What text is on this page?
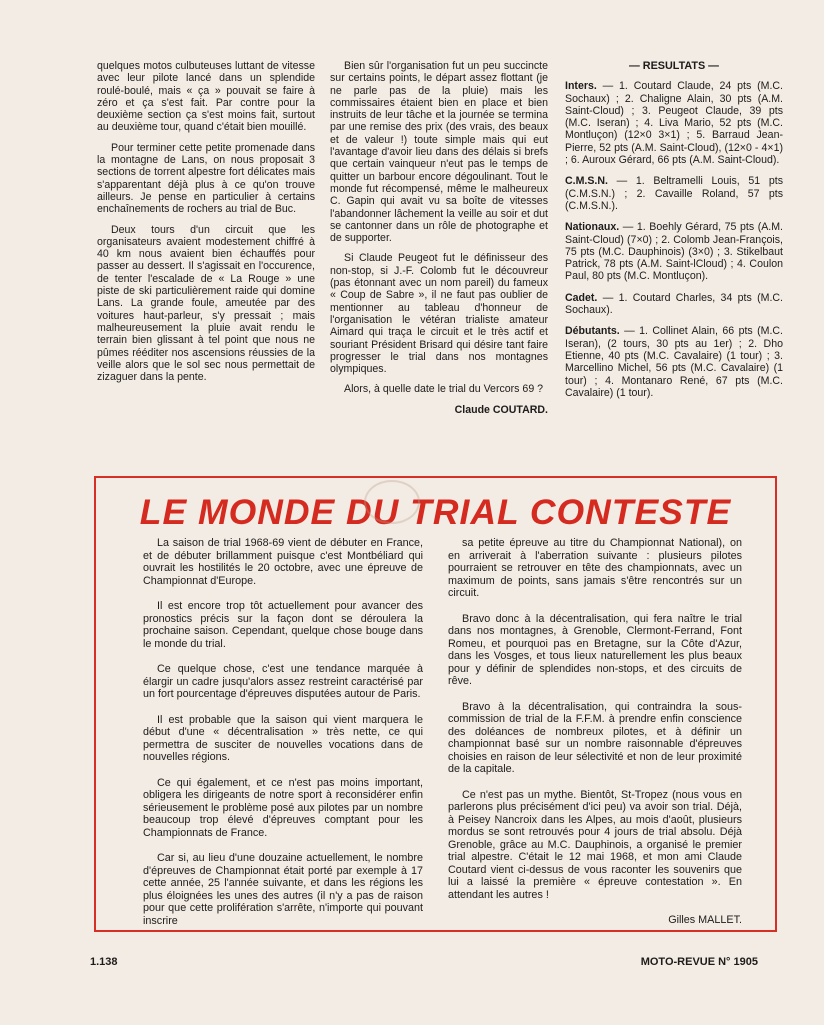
quelques motos culbuteuses luttant de vitesse avec leur pilote lancé dans un splendide roulé-boulé, mais « ça » pouvait se faire à zéro et ça s'est fait. Par contre pour la deuxième section ça s'est moins fait, surtout au deuxième tour, quand c'était bien mouillé.

Pour terminer cette petite promenade dans la montagne de Lans, on nous proposait 3 sections de torrent alpestre fort délicates mais s'apparentant déjà plus à ce qu'on trouve ailleurs. Je pense en particulier à certains enchaînements de rochers au trial de Buc.

Deux tours d'un circuit que les organisateurs avaient modestement chiffré à 40 km nous avaient bien échauffés pour passer au dessert. Il s'agissait en l'occurence, de tenter l'escalade de « La Rouge » une piste de ski particulièrement raide qui domine Lans. La grande foule, ameutée par des voitures haut-parleur, s'y pressait ; mais malheureusement la pluie avait rendu le terrain bien glissant à tel point que nous ne pûmes rééditer nos ascensions réussies de la veille alors que le sol sec nous permettait de zizaguer dans la pente.

Bien sûr l'organisation fut un peu succincte sur certains points, le départ assez flottant (je ne parle pas de la pluie) mais les commissaires étaient bien en place et bien instruits de leur tâche et la journée se termina par une remise des prix (des vrais, des beaux et de valeur !) toute simple mais qui eut l'avantage d'avoir lieu dans des délais si brefs que certain vainqueur n'eut pas le temps de quitter un barbour encore dégoulinant. Tout le monde fut récompensé, même le malheureux C. Gapin qui avait vu sa boîte de vitesses l'abandonner lâchement la veille au soir et dut se cantonner dans un rôle de photographe et de supporter.

Si Claude Peugeot fut le définisseur des non-stop, si J.-F. Colomb fut le découvreur (pas étonnant avec un nom pareil) du fameux « Coup de Sabre », il ne faut pas oublier de mentionner au tableau d'honneur de l'organisation le vétéran trialiste amateur Aimard qui traça le circuit et le très actif et souriant Président Brisard qui désire tant faire progresser le trial dans nos montagnes olympiques.

Alors, à quelle date le trial du Vercors 69 ?

Claude COUTARD.

— RESULTATS —

Inters. — 1. Coutard Claude, 24 pts (M.C. Sochaux) ; 2. Chaligne Alain, 30 pts (A.M. Saint-Cloud) ; 3. Peugeot Claude, 39 pts (M.C. Iseran) ; 4. Liva Mario, 52 pts (M.C. Montluçon) (12×0 3×1) ; 5. Barraud Jean-Pierre, 52 pts (A.M. Saint-Cloud), (12×0 - 4×1) ; 6. Auroux Gérard, 66 pts (A.M. Saint-Cloud).

C.M.S.N. — 1. Beltramelli Louis, 51 pts (C.M.S.N.) ; 2. Cavaille Roland, 57 pts (C.M.S.N.).

Nationaux. — 1. Boehly Gérard, 75 pts (A.M. Saint-Cloud) (7×0) ; 2. Colomb Jean-François, 75 pts (M.C. Dauphinois) (3×0) ; 3. Stikelbaut Patrick, 78 pts (A.M. Saint-lCloud) ; 4. Coulon Paul, 80 pts (M.C. Montluçon).

Cadet. — 1. Coutard Charles, 34 pts (M.C. Sochaux).

Débutants. — 1. Collinet Alain, 66 pts (M.C. Iseran), (2 tours, 30 pts au 1er) ; 2. Dho Etienne, 40 pts (M.C. Cavalaire) (1 tour) ; 3. Marcellino Michel, 56 pts (M.C. Cavalaire) (1 tour) ; 4. Montanaro René, 67 pts (M.C. Cavalaire) (1 tour).

LE MONDE DU TRIAL CONTESTE

La saison de trial 1968-69 vient de débuter en France, et de débuter brillamment puisque c'est Montbéliard qui ouvrait les hostilités le 20 octobre, avec une épreuve de Championnat d'Europe.

Il est encore trop tôt actuellement pour avancer des pronostics précis sur la façon dont se déroulera la prochaine saison. Cependant, quelque chose bouge dans le monde du trial.

Ce quelque chose, c'est une tendance marquée à élargir un cadre jusqu'alors assez restreint caractérisé par un fort pourcentage d'épreuves disputées autour de Paris.

Il est probable que la saison qui vient marquera le début d'une « décentralisation » très nette, ce qui permettra de susciter de nouvelles vocations dans de nouvelles régions.

Ce qui également, et ce n'est pas moins important, obligera les dirigeants de notre sport à reconsidérer enfin sérieusement le problème posé aux pilotes par un nombre beaucoup trop élevé d'épreuves comptant pour les Championnats de France.

Car si, au lieu d'une douzaine actuellement, le nombre d'épreuves de Championnat était porté par exemple à 17 cette année, 25 l'année suivante, et dans les régions les plus éloignées les unes des autres (il n'y a pas de raison pour que cette prolifération s'arrête, n'importe qui pouvant inscrire

sa petite épreuve au titre du Championnat National), on en arriverait à l'aberration suivante : plusieurs pilotes pourraient se retrouver en tête des championnats, avec un maximum de points, sans jamais s'être rencontrés sur un circuit.

Bravo donc à la décentralisation, qui fera naître le trial dans nos montagnes, à Grenoble, Clermont-Ferrand, Font Romeu, et pourquoi pas en Bretagne, sur la Côte d'Azur, dans les Vosges, et tous lieux naturellement les plus beaux pour y définir de splendides non-stops, et des circuits de rêve.

Bravo à la décentralisation, qui contraindra la sous-commission de trial de la F.F.M. à prendre enfin conscience des doléances de nombreux pilotes, et à définir un championnat basé sur un nombre raisonnable d'épreuves choisies en raison de leur sélectivité et non de leur proximité de la capitale.

Ce n'est pas un mythe. Bientôt, St-Tropez (nous vous en parlerons plus précisément d'ici peu) va avoir son trial. Déjà, à Peisey Nancroix dans les Alpes, au mois d'août, plusieurs mordus se sont retrouvés pour 4 jours de trial absolu. Déjà Grenoble, grâce au M.C. Dauphinois, a organisé le premier trial alpestre. C'était le 12 mai 1968, et mon ami Claude Coutard vient ci-dessus de vous raconter les souvenirs que lui a laissé la première « épreuve contestation ». En attendant les autres !

Gilles MALLET.

1.138	MOTO-REVUE N° 1905
